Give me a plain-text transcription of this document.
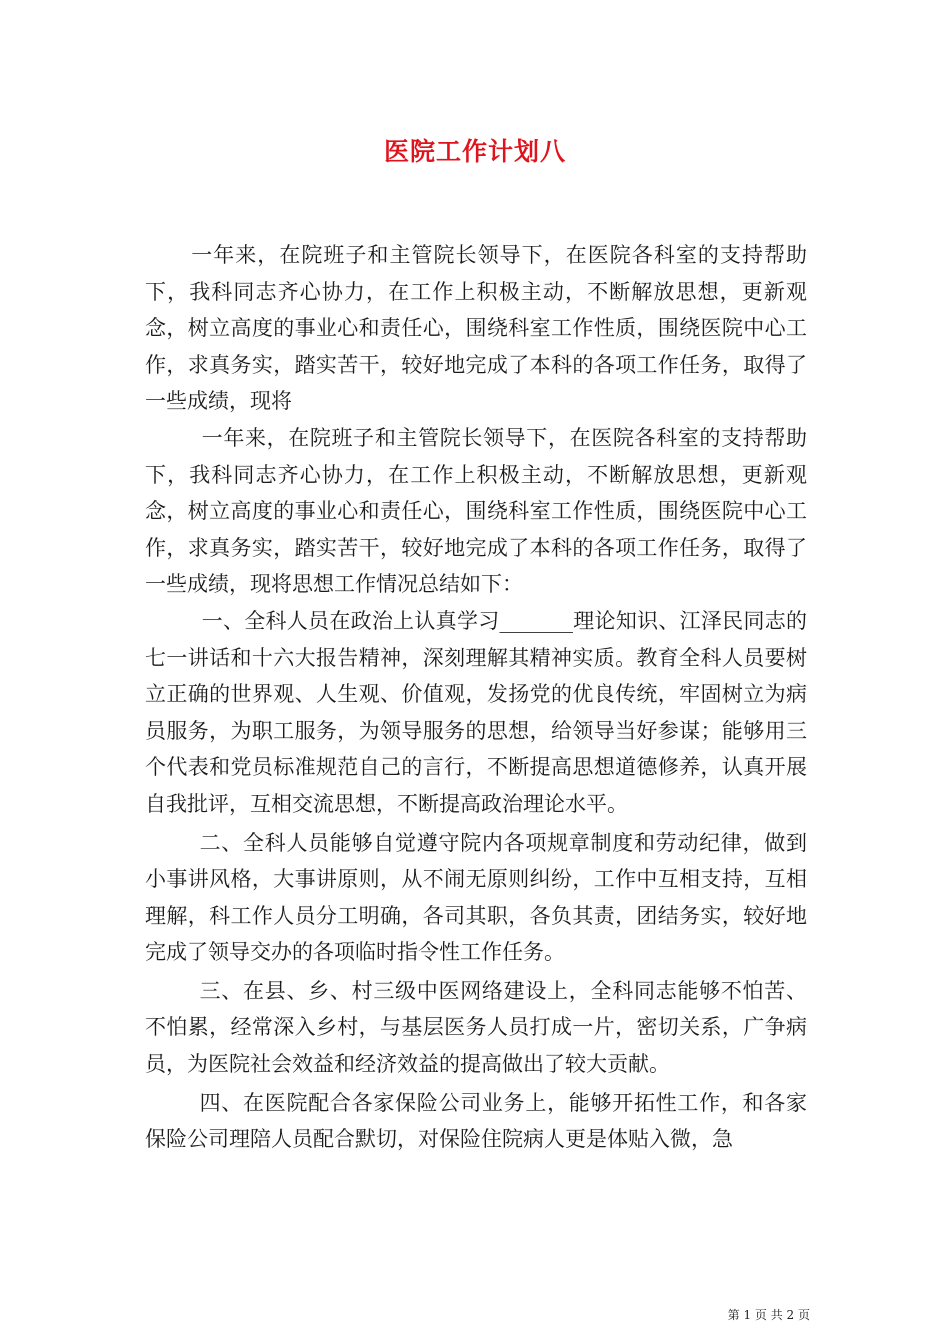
医院工作计划八

一年来，在院班子和主管院长领导下，在医院各科室的支持帮助下，我科同志齐心协力，在工作上积极主动，不断解放思想，更新观念，树立高度的事业心和责任心，围绕科室工作性质，围绕医院中心工作，求真务实，踏实苦干，较好地完成了本科的各项工作任务，取得了一些成绩，现将

一年来，在院班子和主管院长领导下，在医院各科室的支持帮助下，我科同志齐心协力，在工作上积极主动，不断解放思想，更新观念，树立高度的事业心和责任心，围绕科室工作性质，围绕医院中心工作，求真务实，踏实苦干，较好地完成了本科的各项工作任务，取得了一些成绩，现将思想工作情况总结如下：

一、全科人员在政治上认真学习_______理论知识、江泽民同志的七一讲话和十六大报告精神，深刻理解其精神实质。教育全科人员要树立正确的世界观、人生观、价值观，发扬党的优良传统，牢固树立为病员服务，为职工服务，为领导服务的思想，给领导当好参谋；能够用三个代表和党员标准规范自己的言行，不断提高思想道德修养，认真开展自我批评，互相交流思想，不断提高政治理论水平。

二、全科人员能够自觉遵守院内各项规章制度和劳动纪律，做到小事讲风格，大事讲原则，从不闹无原则纠纷，工作中互相支持，互相理解，科工作人员分工明确，各司其职，各负其责，团结务实，较好地完成了领导交办的各项临时指令性工作任务。

三、在县、乡、村三级中医网络建设上，全科同志能够不怕苦、不怕累，经常深入乡村，与基层医务人员打成一片，密切关系，广争病员，为医院社会效益和经济效益的提高做出了较大贡献。

四、在医院配合各家保险公司业务上，能够开拓性工作，和各家保险公司理陪人员配合默切，对保险住院病人更是体贴入微，急

第 1 页 共 2 页
